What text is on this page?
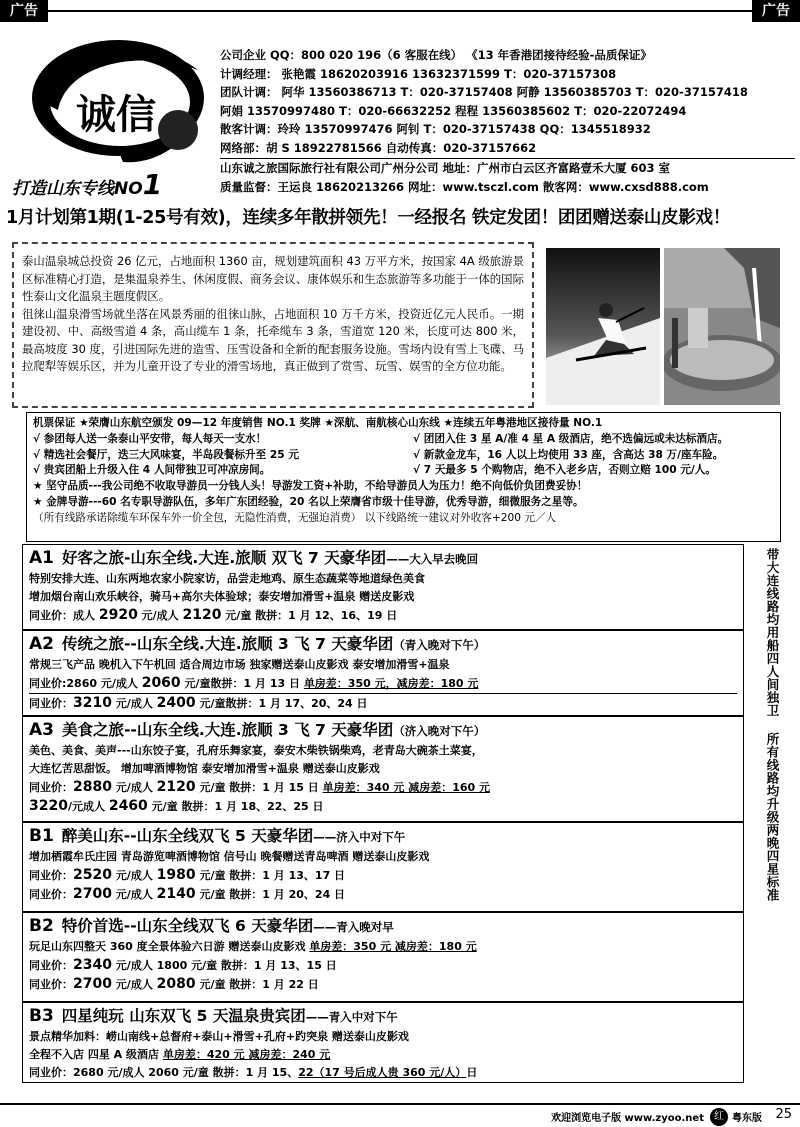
广告	广告
诚信
打造山东专线NO1
公司企业 QQ：800 020 196（6 客服在线） 《13 年香港团接待经验-品质保证》
计调经理： 张艳霞 18620203916 13632371599 T：020-37157308
团队计调： 阿华 13560386713 T：020-37157408 阿静 13560385703 T：020-37157418
阿娟 13570997480 T：020-66632252 程程 13560385602 T：020-22072494
散客计调：玲玲 13570997476 阿钊 T：020-37157438 QQ：1345518932
网络部：胡 S 18922781566 自动传真：020-37157662
山东诚之旅国际旅行社有限公司广州分公司 地址：广州市白云区齐富路壹禾大厦 603 室
质量监督：王运良 18620213266 网址：www.tsczl.com 散客网：www.cxsd888.com
1月计划第1期(1-25号有效)，连续多年散拼领先！一经报名 铁定发团！团团赠送泰山皮影戏！

泰山温泉城总投资 26 亿元，占地面积 1360 亩，规划建筑面积 43 万平方米，按国家 4A 级旅游景区标准精心打造，是集温泉养生、休闲度假、商务会议、康体娱乐和生态旅游等多功能于一体的国际性泰山文化温泉主题度假区。

徂徕山温泉滑雪场就坐落在风景秀丽的徂徕山脉，占地面积 10 万千方米，投资近亿元人民币。一期建设初、中、高级雪道 4 条，高山缆车 1 条，托牵缆车 3 条，雪道宽 120 米，长度可达 800 米，最高坡度 30 度，引进国际先进的造雪、压雪设备和全新的配套服务设施。雪场内设有雪上飞碟、马拉爬犁等娱乐区，并为儿童开设了专业的滑雪场地，真正做到了赏雪、玩雪、娱雪的全方位功能。

机票保证 ★荣膺山东航空颁发 09—12 年度销售 NO.1 奖牌 ★深航、南航核心山东线 ★连续五年粤港地区接待量 NO.1
√ 参团每人送一条泰山平安带，每人每天一支水！	√ 团团入住 3 星 A/准 4 星 A 级酒店，绝不选偏远或未达标酒店。
√ 精选社会餐厅，迭三大风味宴，半岛段餐标升至 25 元	√ 新款金龙车，16 人以上均使用 33 座，含高达 38 万/座车险。
√ 贵宾团船上升级入住 4 人间带独卫可冲凉房间。	√ 7 天最多 5 个购物店，绝不入老乡店，否则立赔 100 元/人。
★ 坚守品质---我公司绝不收取导游员一分钱人头！导游发工资+补助，不给导游员人为压力！绝不向低价负团费妥协！
★ 金牌导游---60 名专职导游队伍，多年广东团经验，20 名以上荣膺省市级十佳导游，优秀导游，细微服务之星等。
（所有线路承诺除缆车环保车外一价全包，无隐性消费，无强迫消费） 以下线路统一建议对外收客+200 元／人
A1 好客之旅-山东全线.大连.旅顺 双飞 7 天豪华团——大入早去晚回
特别安排大连、山东两地农家小院家访，品尝走地鸡、原生态蔬菜等地道绿色美食
增加烟台南山欢乐峡谷，骑马+高尔夫体验球；泰安增加滑雪+温泉 赠送皮影戏
同业价：成人 2920 元/成人 2120 元/童 散拼：1 月 12、16、19 日
A2 传统之旅--山东全线.大连.旅顺 3 飞 7 天豪华团（青入晚对下午）
常规三飞产品 晚机入下午机回 适合周边市场 独家赠送泰山皮影戏 泰安增加滑雪+温泉
同业价:2860 元/成人 2060 元/童散拼：1 月 13 日 单房差：350 元，减房差：180 元
同业价：3210 元/成人 2400 元/童散拼：1 月 17、20、24 日
A3 美食之旅--山东全线.大连.旅顺 3 飞 7 天豪华团（济入晚对下午）
美色、美食、美声---山东饺子宴，孔府乐舞家宴，泰安木柴铁锅柴鸡，老青岛大碗茶土菜宴，
大连忆苦思甜饭。 增加啤酒博物馆 泰安增加滑雪+温泉 赠送泰山皮影戏
同业价：2880 元/成人 2120 元/童 散拼：1 月 15 日 单房差：340 元 减房差：160 元
3220/元成人 2460 元/童 散拼：1 月 18、22、25 日
B1 醉美山东--山东全线双飞 5 天豪华团——济入中对下午
增加栖霞牟氏庄园 青岛游览啤酒博物馆 信号山 晚餐赠送青岛啤酒 赠送泰山皮影戏
同业价：2520 元/成人 1980 元/童 散拼：1 月 13、17 日
同业价：2700 元/成人 2140 元/童 散拼：1 月 20、24 日
B2 特价首选--山东全线双飞 6 天豪华团——青入晚对早
玩足山东四整天 360 度全景体验六日游 赠送泰山皮影戏 单房差：350 元 减房差：180 元
同业价：2340 元/成人 1800 元/童 散拼：1 月 13、15 日
同业价：2700 元/成人 2080 元/童 散拼：1 月 22 日
B3 四星纯玩 山东双飞 5 天温泉贵宾团——青入中对下午
景点精华加料：崂山南线+总督府+泰山+滑雪+孔府+趵突泉 赠送泰山皮影戏
全程不入店 四星 A 级酒店 单房差：420 元 减房差：240 元
同业价：2680 元/成人 2060 元/童 散拼：1 月 15、22（17 号后成人贵 360 元/人）日
带大连线路均用船四人间独卫 所有线路均升级两晚四星标准
欢迎浏览电子版 www.zyoo.net	红 粤东版 25
